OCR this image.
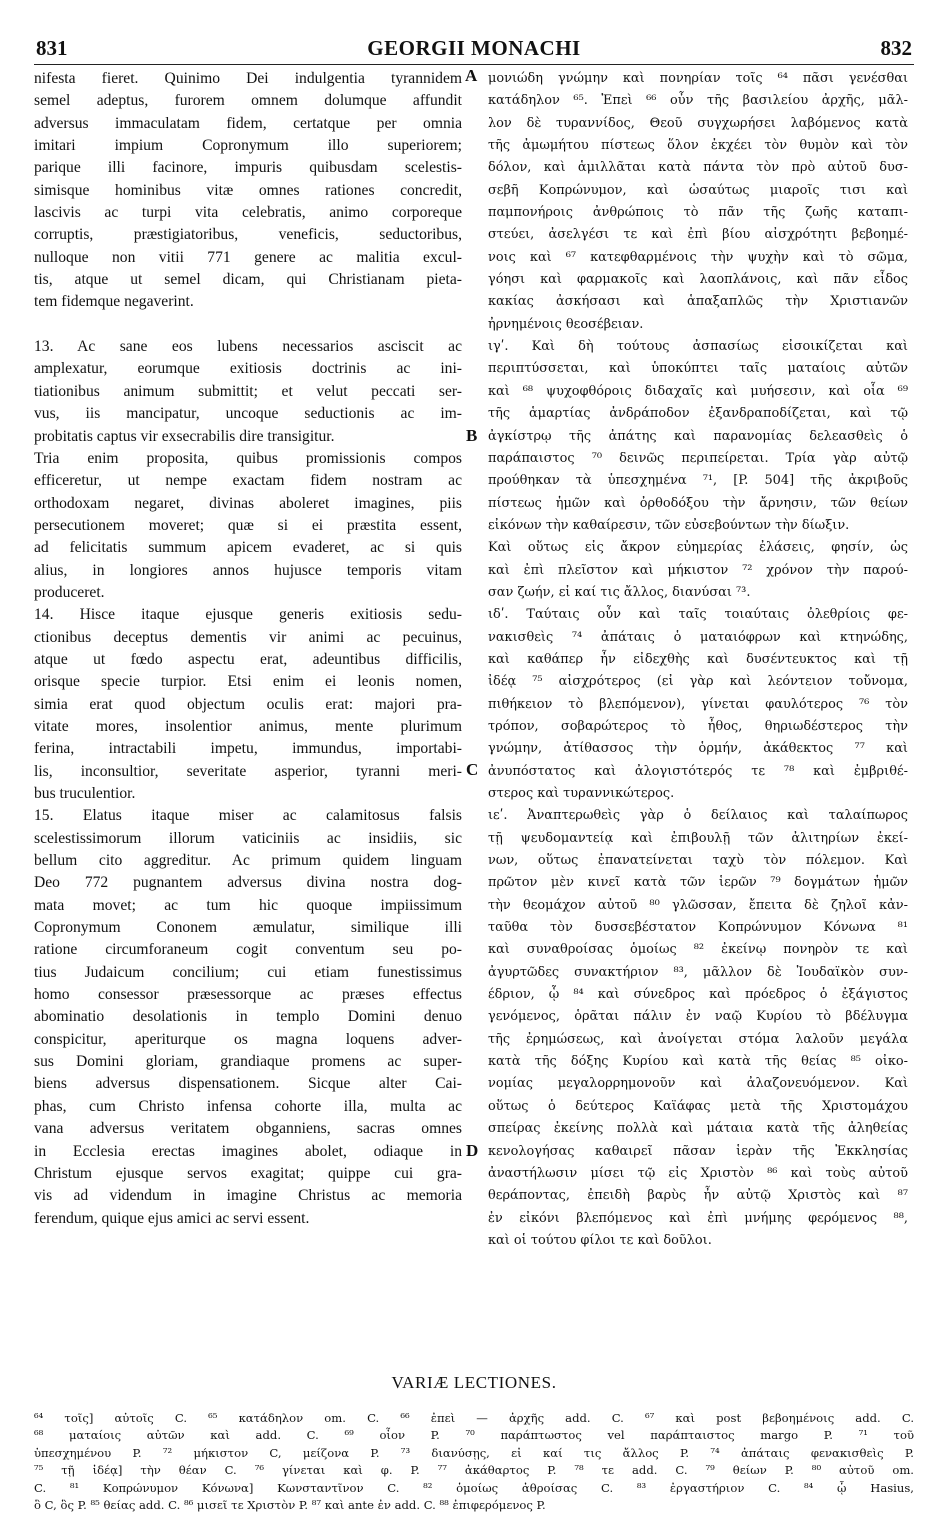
831	GEORGII MONACHI	832
nifesta fieret. Quinimo Dei indulgentia tyrannidem
semel adeptus, furorem omnem dolumque affundit
adversus immaculatam fidem, certatque per omnia
imitari impium Copronymum illo superiorem;
parique illi facinore, impuris quibusdam scelestis-
simisque hominibus vitæ omnes rationes concredit,
lascivis ac turpi vita celebratis, animo corporeque
corruptis, præstigiatoribus, veneficis, seductoribus,
nulloque non vitii 771 genere ac malitia excul-
tis, atque ut semel dicam, qui Christianam pieta-
tem fidemque negaverint.
13. Ac sane eos lubens necessarios asciscit ac
amplexatur, eorumque exitiosis doctrinis ac ini-
tiationibus animum submittit; et velut peccati ser-
vus, iis mancipatur, uncoque seductionis ac im-
probitatis captus vir exsecrabilis dire transigitur.
Tria enim proposita, quibus promissionis compos
efficeretur, ut nempe exactam fidem nostram ac
orthodoxam negaret, divinas aboleret imagines, piis
persecutionem moveret; quæ si ei præstita essent,
ad felicitatis summum apicem evaderet, ac si quis
alius, in longiores annos hujusce temporis vitam
produceret.
14. Hisce itaque ejusque generis exitiosis sedu-
ctionibus deceptus dementis vir animi ac pecuinus,
atque ut fœdo aspectu erat, adeuntibus difficilis,
orisque specie turpior. Etsi enim ei leonis nomen,
simia erat quod objectum oculis erat: majori pra-
vitate mores, insolentior animus, mente plurimum
ferina, intractabili impetu, immundus, importabi-
lis, inconsultior, severitate asperior, tyranni meri-
bus truculentior.
15. Elatus itaque miser ac calamitosus falsis
scelestissimorum illorum vaticiniis ac insidiis, sic
bellum cito aggreditur. Ac primum quidem linguam
Deo 772 pugnantem adversus divina nostra dog-
mata movet; ac tum hic quoque impiissimum
Copronymum Cononem æmulatur, similique illi
ratione circumforaneum cogit conventum seu po-
tius Judaicum concilium; cui etiam funestissimus
homo consessor præsessorque ac præses effectus
abominatio desolationis in templo Domini denuo
conspicitur, aperiturque os magna loquens adver-
sus Domini gloriam, grandiaque promens ac super-
biens adversus dispensationem. Sicque alter Cai-
phas, cum Christo infensa cohorte illa, multa ac
vana adversus veritatem obganniens, sacras omnes
in Ecclesia erectas imagines abolet, odiaque in
Christum ejusque servos exagitat; quippe cui gra-
vis ad videndum in imagine Christus ac memoria
ferendum, quique ejus amici ac servi essent.
μονιώδη γνώμην καὶ πονηρίαν τοῖς ⁶⁴ πᾶσι γενέσθαι
κατάδηλον ⁶⁵. Ἐπεὶ ⁶⁶ οὖν τῆς βασιλείου ἀρχῆς, μᾶλ-
λον δὲ τυραννίδος, Θεοῦ συγχωρήσει λαβόμενος κατὰ
τῆς ἀμωμήτου πίστεως ὅλον ἐκχέει τὸν θυμὸν καὶ τὸν
δόλον, καὶ ἁμιλλᾶται κατὰ πάντα τὸν πρὸ αὐτοῦ δυσ-
σεβῆ Κοπρώνυμον, καὶ ὡσαύτως μιαροῖς τισι καὶ
παμπονήροις ἀνθρώποις τὸ πᾶν τῆς ζωῆς καταπι-
στεύει, ἀσελγέσι τε καὶ ἐπὶ βίου αἰσχρότητι βεβοημέ-
νοις καὶ ⁶⁷ κατεφθαρμένοις τὴν ψυχὴν καὶ τὸ σῶμα,
γόησι καὶ φαρμακοῖς καὶ λαοπλάνοις, καὶ πᾶν εἶδος
κακίας ἀσκήσασι καὶ ἁπαξαπλῶς τὴν Χριστιανῶν
ἠρνημένοις θεοσέβειαν.
ιγʹ. Καὶ δὴ τούτους ἀσπασίως εἰσοικίζεται καὶ
περιπτύσσεται, καὶ ὑποκύπτει ταῖς ματαίοις αὐτῶν
καὶ ⁶⁸ ψυχοφθόροις διδαχαῖς καὶ μυήσεσιν, καὶ οἷα ⁶⁹
τῆς ἁμαρτίας ἀνδράποδον ἐξανδραποδίζεται, καὶ τῷ
ἀγκίστρῳ τῆς ἀπάτης καὶ παρανομίας δελεασθεὶς ὁ
παράπαιστος ⁷⁰ δεινῶς περιπείρεται. Τρία γὰρ αὐτῷ
προύθηκαν τὰ ὑπεσχημένα ⁷¹, [P. 504] τῆς ἀκριβοῦς
πίστεως ἡμῶν καὶ ὀρθοδόξου τὴν ἄρνησιν, τῶν θείων
εἰκόνων τὴν καθαίρεσιν, τῶν εὐσεβούντων τὴν δίωξιν.
Καὶ οὕτως εἰς ἄκρον εὐημερίας ἐλάσεις, φησίν, ὡς
καὶ ἐπὶ πλεῖστον καὶ μήκιστον ⁷² χρόνον τὴν παρού-
σαν ζωήν, εἰ καί τις ἄλλος, διανύσαι ⁷³.
ιδʹ. Ταύταις οὖν καὶ ταῖς τοιαύταις ὀλεθρίοις φε-
νακισθεὶς ⁷⁴ ἀπάταις ὁ ματαιόφρων καὶ κτηνώδης,
καὶ καθάπερ ἦν εἰδεχθὴς καὶ δυσέντευκτος καὶ τῇ
ἰδέᾳ ⁷⁵ αἰσχρότερος (εἰ γὰρ καὶ λεόντειον τοὔνομα,
πιθήκειον τὸ βλεπόμενον), γίνεται φαυλότερος ⁷⁶ τὸν
τρόπον, σοβαρώτερος τὸ ἦθος, θηριωδέστερος τὴν
γνώμην, ἀτίθασσος τὴν ὁρμήν, ἀκάθεκτος ⁷⁷ καὶ
ἀνυπόστατος καὶ ἀλογιστότερός τε ⁷⁸ καὶ ἐμβριθέ-
στερος καὶ τυραννικώτερος.
ιεʹ. Ἀναπτερωθεὶς γὰρ ὁ δείλαιος καὶ ταλαίπωρος
τῇ ψευδομαντείᾳ καὶ ἐπιβουλῇ τῶν ἀλιτηρίων ἐκεί-
νων, οὕτως ἐπανατείνεται ταχὺ τὸν πόλεμον. Καὶ
πρῶτον μὲν κινεῖ κατὰ τῶν ἱερῶν ⁷⁹ δογμάτων ἡμῶν
τὴν θεομάχον αὐτοῦ ⁸⁰ γλῶσσαν, ἔπειτα δὲ ζηλοῖ κἀν-
ταῦθα τὸν δυσσεβέστατον Κοπρώνυμον Κόνωνα ⁸¹
καὶ συναθροίσας ὁμοίως ⁸² ἐκείνῳ πονηρὸν τε καὶ
ἀγυρτῶδες συνακτήριον ⁸³, μᾶλλον δὲ Ἰουδαϊκὸν συν-
έδριον, ᾧ ⁸⁴ καὶ σύνεδρος καὶ πρόεδρος ὁ ἐξάγιστος
γενόμενος, ὁρᾶται πάλιν ἐν ναῷ Κυρίου τὸ βδέλυγμα
τῆς ἐρημώσεως, καὶ ἀνοίγεται στόμα λαλοῦν μεγάλα
κατὰ τῆς δόξης Κυρίου καὶ κατὰ τῆς θείας ⁸⁵ οἰκο-
νομίας μεγαλορρημονοῦν καὶ ἀλαζονευόμενον. Καὶ
οὕτως ὁ δεύτερος Καϊάφας μετὰ τῆς Χριστομάχου
σπείρας ἐκείνης πολλὰ καὶ μάταια κατὰ τῆς ἀληθείας
κενολογήσας καθαιρεῖ πᾶσαν ἱερὰν τῆς Ἐκκλησίας
ἀναστήλωσιν μίσει τῷ εἰς Χριστὸν ⁸⁶ καὶ τοὺς αὐτοῦ
θεράποντας, ἐπειδὴ βαρὺς ἦν αὐτῷ Χριστὸς καὶ ⁸⁷
ἐν εἰκόνι βλεπόμενος καὶ ἐπὶ μνήμης φερόμενος ⁸⁸,
καὶ οἱ τούτου φίλοι τε καὶ δοῦλοι.
A
B
C
D
VARIÆ LECTIONES.
⁶⁴ τοῖς] αὐτοῖς C. ⁶⁵ κατάδηλον om. C. ⁶⁶ ἐπεὶ — ἀρχῆς add. C. ⁶⁷ καὶ post βεβοημένοις add. C.
⁶⁸ ματαίοις αὐτῶν καὶ add. C. ⁶⁹ οἷον P. ⁷⁰ παράπτωστος vel παράπταιστος margo P. ⁷¹ τοῦ
ὑπεσχημένου P. ⁷² μήκιστον C, μείζονα P. ⁷³ διανύσῃς, εἰ καί τις ἄλλος P. ⁷⁴ ἀπάταις φενακισθεὶς P.
⁷⁵ τῇ ἰδέᾳ] τὴν θέαν C. ⁷⁶ γίνεται καὶ φ. P. ⁷⁷ ἀκάθαρτος P. ⁷⁸ τε add. C. ⁷⁹ θείων P. ⁸⁰ αὐτοῦ om.
C. ⁸¹ Κοπρώνυμον Κόνωνα] Κωνσταντῖνον C. ⁸² ὁμοίως ἀθροίσας C. ⁸³ ἐργαστήριον C. ⁸⁴ ᾧ Hasius,
ὃ C, ὃς P. ⁸⁵ θείας add. C. ⁸⁶ μισεῖ τε Χριστὸν P. ⁸⁷ καὶ ante ἐν add. C. ⁸⁸ ἐπιφερόμενος P.
